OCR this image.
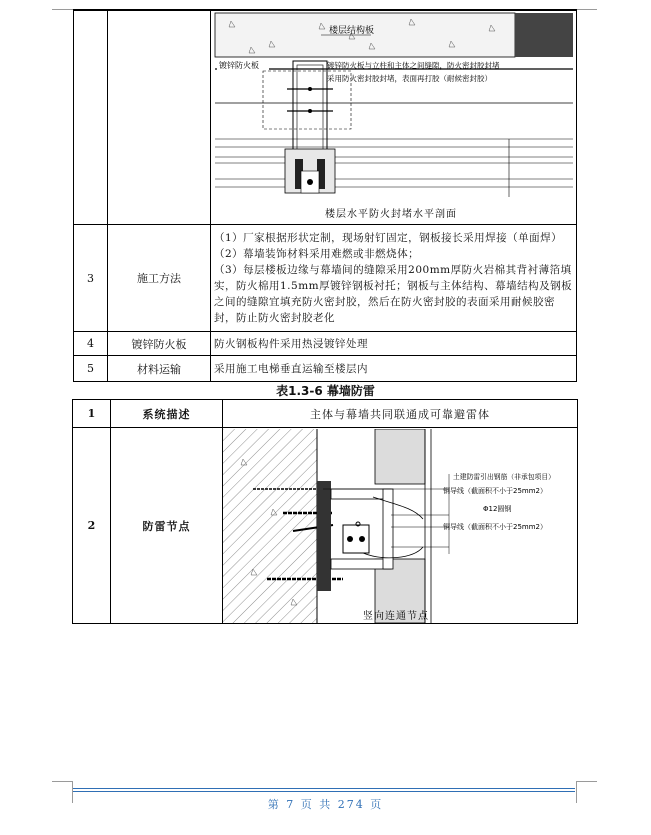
楼层结构板
镀锌防火板 镀锌防火板与立柱和主体之间缝隙，防火密封胶封堵
采用防火密封胶封堵，表面再打胶（耐候密封胶）
楼层水平防火封堵水平剖面

3	施工方法	（1）厂家根据形状定制，现场射钉固定，钢板接长采用焊接（单面焊）
（2）幕墙装饰材料采用难燃或非燃烧体；
（3）每层楼板边缘与幕墙间的缝隙采用200mm厚防火岩棉其背衬薄箔填实，防火棉用1.5mm厚镀锌钢板衬托；钢板与主体结构、幕墙结构及钢板之间的缝隙宜填充防火密封胶，然后在防火密封胶的表面采用耐候胶密封，防止防火密封胶老化

4	镀锌防火板	防火钢板构件采用热浸镀锌处理
5	材料运输	采用施工电梯垂直运输至楼层内
表1.3-6 幕墙防雷
1	系统描述	主体与幕墙共同联通成可靠避雷体
2	防雷节点	土建防雷引出钢筋（非承包项目）
铜导线（截面积不小于25mm2）
Φ12圆钢
铜导线（截面积不小于25mm2）
竖向连通节点
第 7 页 共 274 页
